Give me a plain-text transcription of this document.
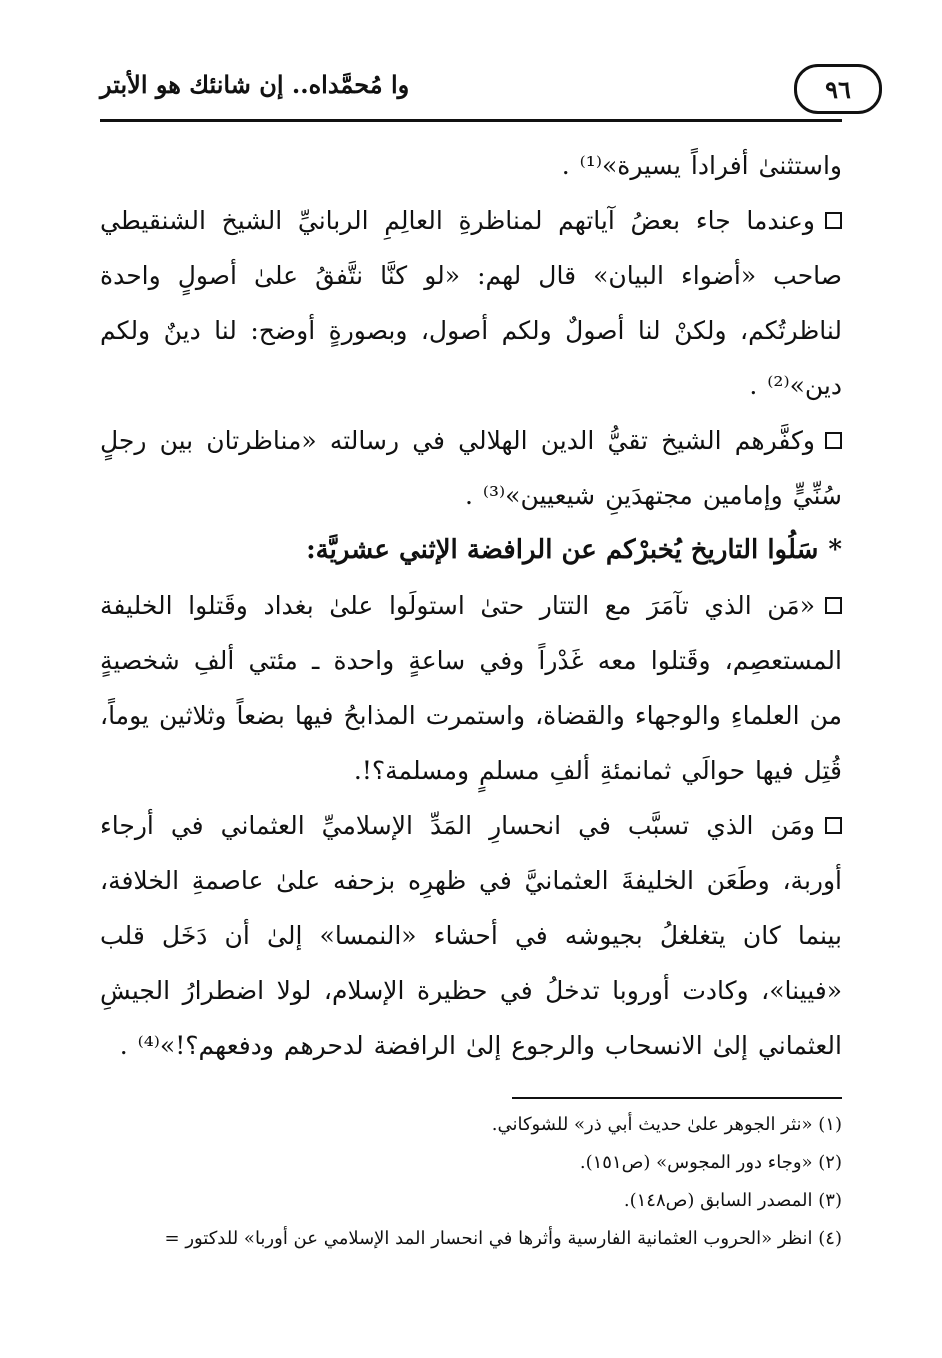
٩٦
وا مُحمَّداه.. إن شانئك هو الأبتر

واستثنىٰ أفراداً يسيرة»⁽¹⁾ .

وعندما جاء بعضُ آياتهم لمناظرةِ العالِمِ الربانيِّ الشيخ الشنقيطي صاحب «أضواء البيان» قال لهم: «لو كنَّا نتَّفقُ علىٰ أصولٍ واحدة لناظرتُكم، ولكنْ لنا أصولٌ ولكم أصول، وبصورةٍ أوضح: لنا دينٌ ولكم دين»⁽²⁾ .

وكفَّرهم الشيخ تقيُّ الدين الهلالي في رسالته «مناظرتان بين رجلٍ سُنِّيٍّ وإمامين مجتهدَينِ شيعيين»⁽³⁾ .

*سَلُوا التاريخ يُخبرْكم عن الرافضة الإثني عشريَّة:

«مَن الذي تآمَرَ مع التتار حتىٰ استولَوا علىٰ بغداد وقَتلوا الخليفة المستعصِم، وقَتلوا معه غَدْراً وفي ساعةٍ واحدة ـ مئتي ألفِ شخصيةٍ من العلماءِ والوجهاء والقضاة، واستمرت المذابحُ فيها بضعاً وثلاثين يوماً، قُتِل فيها حوالَي ثمانمئةِ ألفِ مسلمٍ ومسلمة؟!.

ومَن الذي تسبَّب في انحسارِ المَدِّ الإسلاميِّ العثماني في أرجاء أوربة، وطَعَن الخليفةَ العثمانيَّ في ظهرِه بزحفه علىٰ عاصمةِ الخلافة، بينما كان يتغلغلُ بجيوشه في أحشاء «النمسا» إلىٰ أن دَخَل قلب «فيينا»، وكادت أوروبا تدخلُ في حظيرة الإسلام، لولا اضطرارُ الجيشِ العثماني إلىٰ الانسحاب والرجوع إلىٰ الرافضة لدحرهم ودفعهم؟!»⁽⁴⁾ .

(١) «نثر الجوهر علىٰ حديث أبي ذر» للشوكاني.

(٢) «وجاء دور المجوس» (ص١٥١).

(٣) المصدر السابق (ص١٤٨).

(٤) انظر «الحروب العثمانية الفارسية وأثرها في انحسار المد الإسلامي عن أوربا» للدكتور =
